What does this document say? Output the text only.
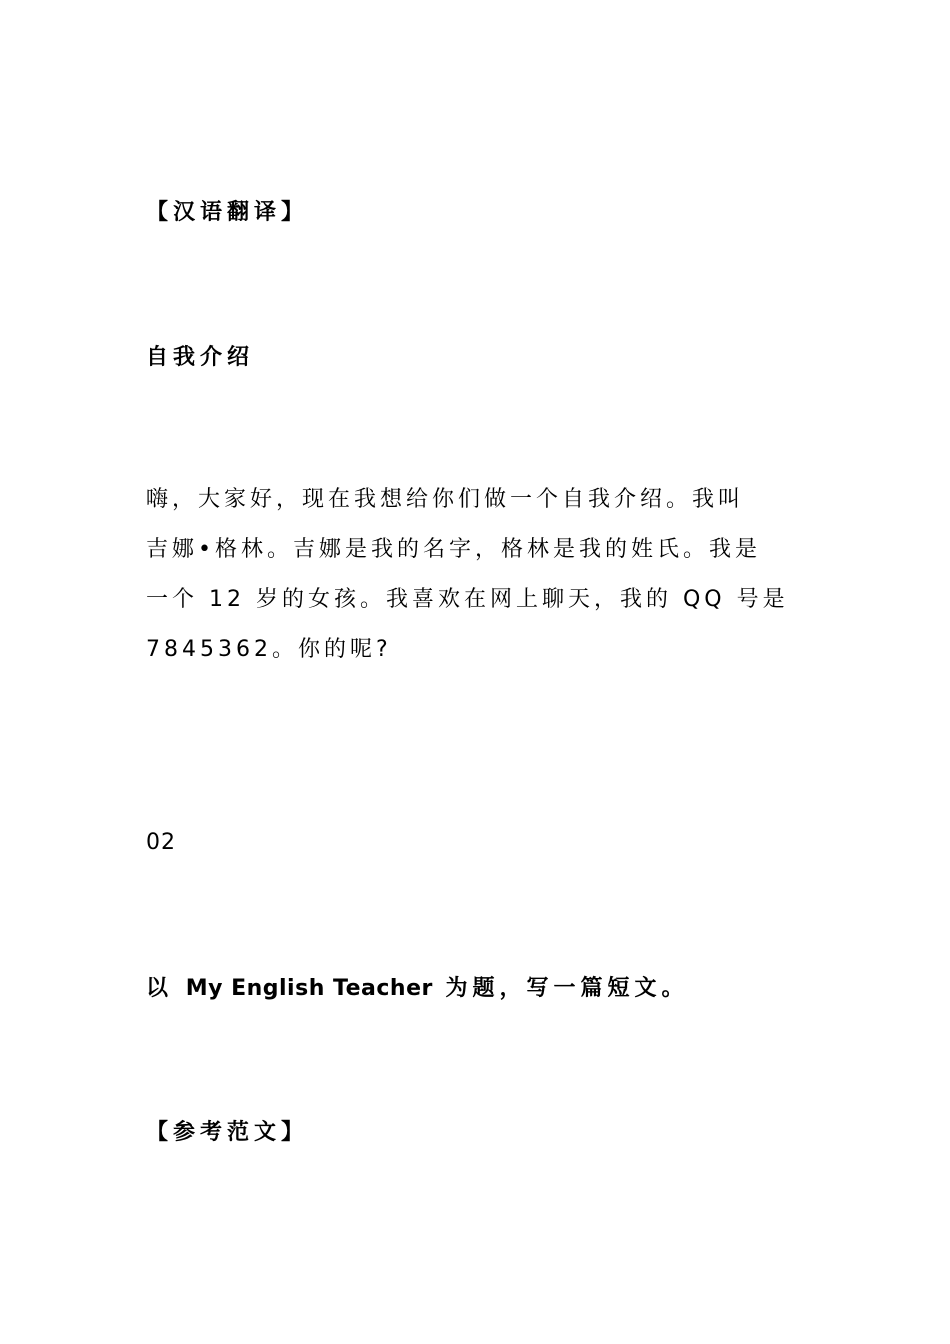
【汉语翻译】
自我介绍
嗨，大家好，现在我想给你们做一个自我介绍。我叫
吉娜•格林。吉娜是我的名字，格林是我的姓氏。我是
一个 12 岁的女孩。我喜欢在网上聊天，我的 QQ 号是
7845362。你的呢?
02
以 My English Teacher 为题，写一篇短文。
【参考范文】
